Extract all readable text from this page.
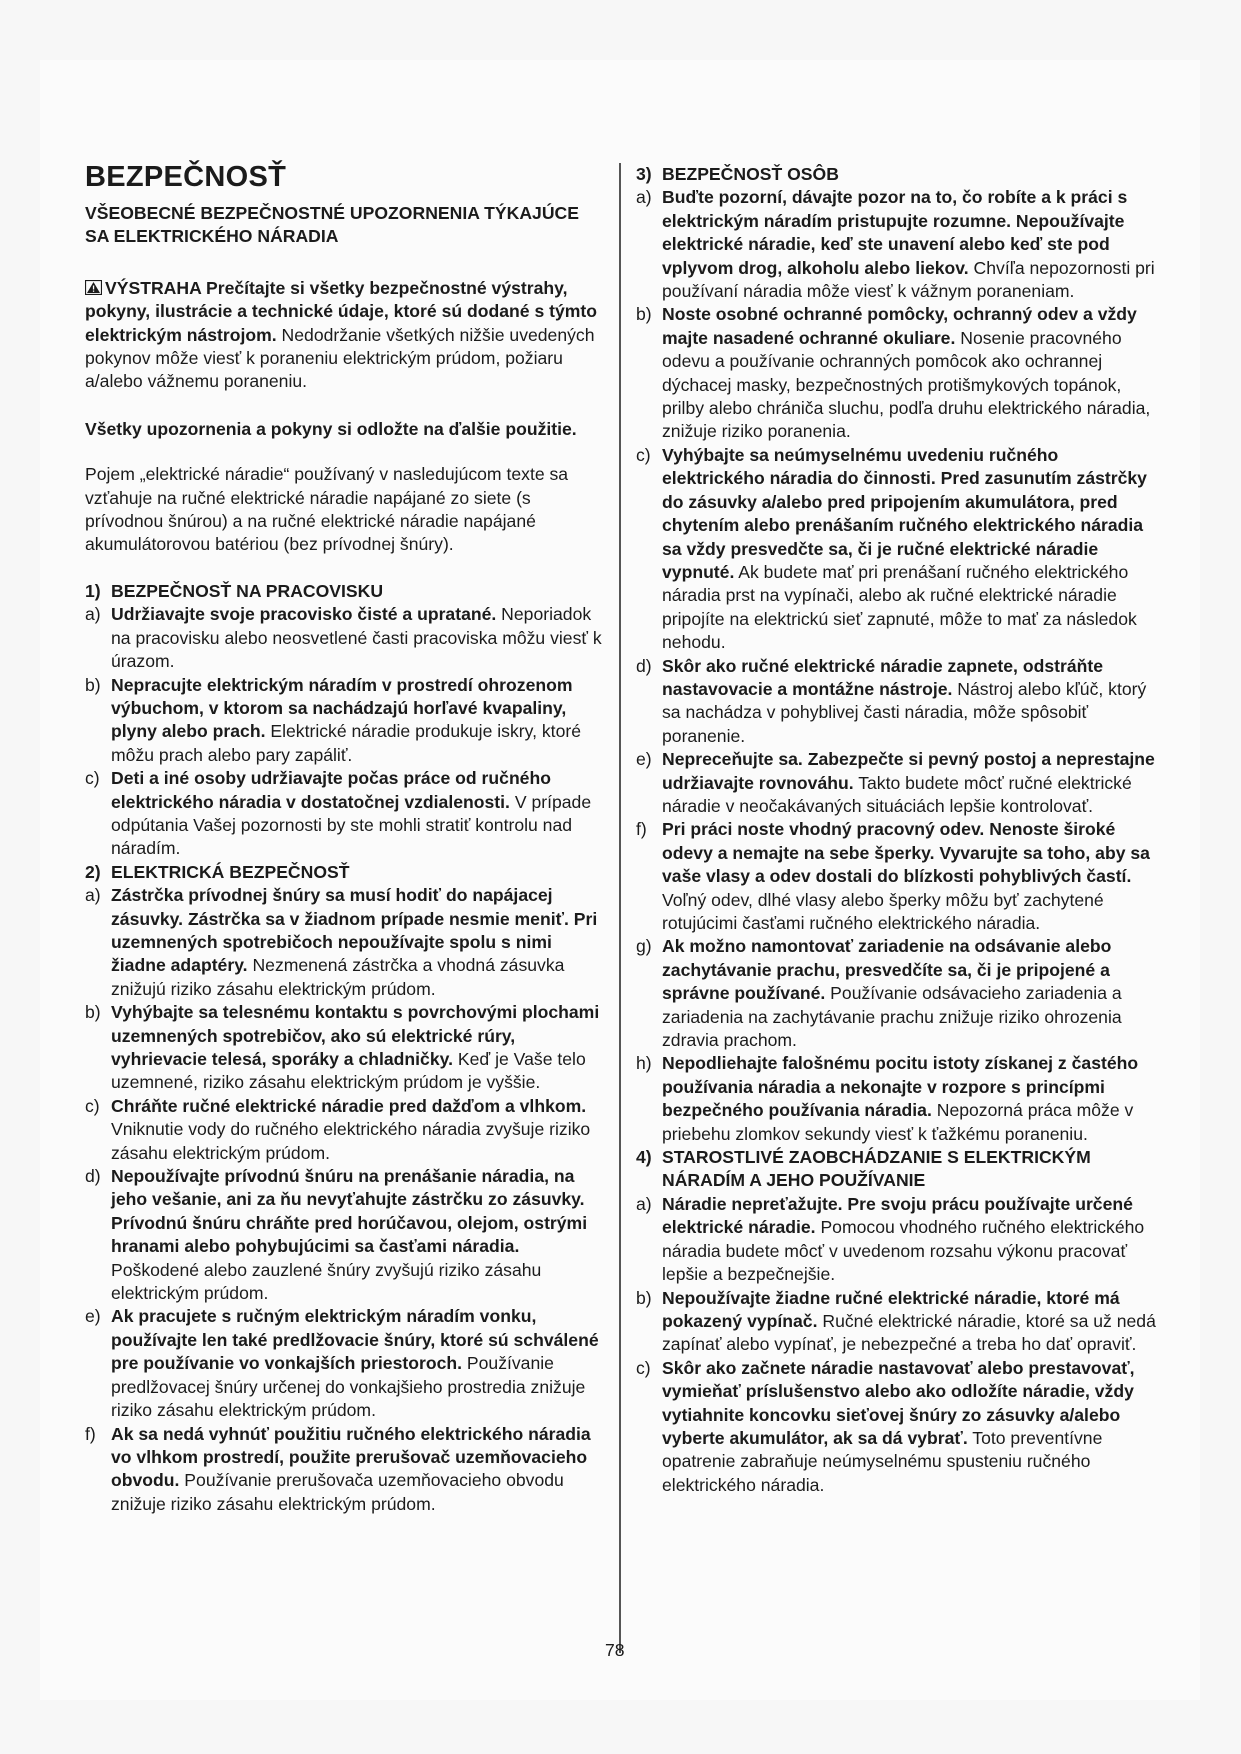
BEZPEČNOSŤ
VŠEOBECNÉ BEZPEČNOSTNÉ UPOZORNENIA TÝKAJÚCE SA ELEKTRICKÉHO NÁRADIA
VÝSTRAHA Prečítajte si všetky bezpečnostné výstrahy, pokyny, ilustrácie a technické údaje, ktoré sú dodané s týmto elektrickým nástrojom. Nedodržanie všetkých nižšie uvedených pokynov môže viesť k poraneniu elektrickým prúdom, požiaru a/alebo vážnemu poraneniu.
Všetky upozornenia a pokyny si odložte na ďalšie použitie.
Pojem „elektrické náradie“ používaný v nasledujúcom texte sa vzťahuje na ručné elektrické náradie napájané zo siete (s prívodnou šnúrou) a na ručné elektrické náradie napájané akumulátorovou batériou (bez prívodnej šnúry).
1) BEZPEČNOSŤ NA PRACOVISKU
a) Udržiavajte svoje pracovisko čisté a upratané. Neporiadok na pracovisku alebo neosvetlené časti pracoviska môžu viesť k úrazom.
b) Nepracujte elektrickým náradím v prostredí ohrozenom výbuchom, v ktorom sa nachádzajú horľavé kvapaliny, plyny alebo prach. Elektrické náradie produkuje iskry, ktoré môžu prach alebo pary zapáliť.
c) Deti a iné osoby udržiavajte počas práce od ručného elektrického náradia v dostatočnej vzdialenosti. V prípade odpútania Vašej pozornosti by ste mohli stratiť kontrolu nad náradím.
2) ELEKTRICKÁ BEZPEČNOSŤ
a) Zástrčka prívodnej šnúry sa musí hodiť do napájacej zásuvky. Zástrčka sa v žiadnom prípade nesmie meniť. Pri uzemnených spotrebičoch nepoužívajte spolu s nimi žiadne adaptéry. Nezmenená zástrčka a vhodná zásuvka znižujú riziko zásahu elektrickým prúdom.
b) Vyhýbajte sa telesnému kontaktu s povrchovými plochami uzemnených spotrebičov, ako sú elektrické rúry, vyhrievacie telesá, sporáky a chladničky. Keď je Vaše telo uzemnené, riziko zásahu elektrickým prúdom je vyššie.
c) Chráňte ručné elektrické náradie pred dažďom a vlhkom. Vniknutie vody do ručného elektrického náradia zvyšuje riziko zásahu elektrickým prúdom.
d) Nepoužívajte prívodnú šnúru na prenášanie náradia, na jeho vešanie, ani za ňu nevyťahujte zástrčku zo zásuvky. Prívodnú šnúru chráňte pred horúčavou, olejom, ostrými hranami alebo pohybujúcimi sa časťami náradia. Poškodené alebo zauzlené šnúry zvyšujú riziko zásahu elektrickým prúdom.
e) Ak pracujete s ručným elektrickým náradím vonku, používajte len také predlžovacie šnúry, ktoré sú schválené pre používanie vo vonkajších priestoroch. Používanie predlžovacej šnúry určenej do vonkajšieho prostredia znižuje riziko zásahu elektrickým prúdom.
f) Ak sa nedá vyhnúť použitiu ručného elektrického náradia vo vlhkom prostredí, použite prerušovač uzemňovacieho obvodu. Používanie prerušovača uzemňovacieho obvodu znižuje riziko zásahu elektrickým prúdom.
3) BEZPEČNOSŤ OSÔB
a) Buďte pozorní, dávajte pozor na to, čo robíte a k práci s elektrickým náradím pristupujte rozumne. Nepoužívajte elektrické náradie, keď ste unavení alebo keď ste pod vplyvom drog, alkoholu alebo liekov. Chvíľa nepozornosti pri používaní náradia môže viesť k vážnym poraneniam.
b) Noste osobné ochranné pomôcky, ochranný odev a vždy majte nasadené ochranné okuliare. Nosenie pracovného odevu a používanie ochranných pomôcok ako ochrannej dýchacej masky, bezpečnostných protišmykových topánok, prilby alebo chrániča sluchu, podľa druhu elektrického náradia, znižuje riziko poranenia.
c) Vyhýbajte sa neúmyselnému uvedeniu ručného elektrického náradia do činnosti. Pred zasunutím zástrčky do zásuvky a/alebo pred pripojením akumulátora, pred chytením alebo prenášaním ručného elektrického náradia sa vždy presvedčte sa, či je ručné elektrické náradie vypnuté. Ak budete mať pri prenášaní ručného elektrického náradia prst na vypínači, alebo ak ručné elektrické náradie pripojíte na elektrickú sieť zapnuté, môže to mať za následok nehodu.
d) Skôr ako ručné elektrické náradie zapnete, odstráňte nastavovacie a montážne nástroje. Nástroj alebo kľúč, ktorý sa nachádza v pohyblivej časti náradia, môže spôsobiť poranenie.
e) Nepreceňujte sa. Zabezpečte si pevný postoj a neprestajne udržiavajte rovnováhu. Takto budete môcť ručné elektrické náradie v neočakávaných situáciách lepšie kontrolovať.
f) Pri práci noste vhodný pracovný odev. Nenoste široké odevy a nemajte na sebe šperky. Vyvarujte sa toho, aby sa vaše vlasy a odev dostali do blízkosti pohyblivých častí. Voľný odev, dlhé vlasy alebo šperky môžu byť zachytené rotujúcimi časťami ručného elektrického náradia.
g) Ak možno namontovať zariadenie na odsávanie alebo zachytávanie prachu, presvedčíte sa, či je pripojené a správne používané. Používanie odsávacieho zariadenia a zariadenia na zachytávanie prachu znižuje riziko ohrozenia zdravia prachom.
h) Nepodliehajte falošnému pocitu istoty získanej z častého používania náradia a nekonajte v rozpore s princípmi bezpečného používania náradia. Nepozorná práca môže v priebehu zlomkov sekundy viesť k ťažkému poraneniu.
4) STAROSTLIVÉ ZAOBCHÁDZANIE S ELEKTRICKÝM NÁRADÍM A JEHO POUŽÍVANIE
a) Náradie nepreťažujte. Pre svoju prácu používajte určené elektrické náradie. Pomocou vhodného ručného elektrického náradia budete môcť v uvedenom rozsahu výkonu pracovať lepšie a bezpečnejšie.
b) Nepoužívajte žiadne ručné elektrické náradie, ktoré má pokazený vypínač. Ručné elektrické náradie, ktoré sa už nedá zapínať alebo vypínať, je nebezpečné a treba ho dať opraviť.
c) Skôr ako začnete náradie nastavovať alebo prestavovať, vymieňať príslušenstvo alebo ako odložíte náradie, vždy vytiahnite koncovku sieťovej šnúry zo zásuvky a/alebo vyberte akumulátor, ak sa dá vybrať. Toto preventívne opatrenie zabraňuje neúmyselnému spusteniu ručného elektrického náradia.
78
